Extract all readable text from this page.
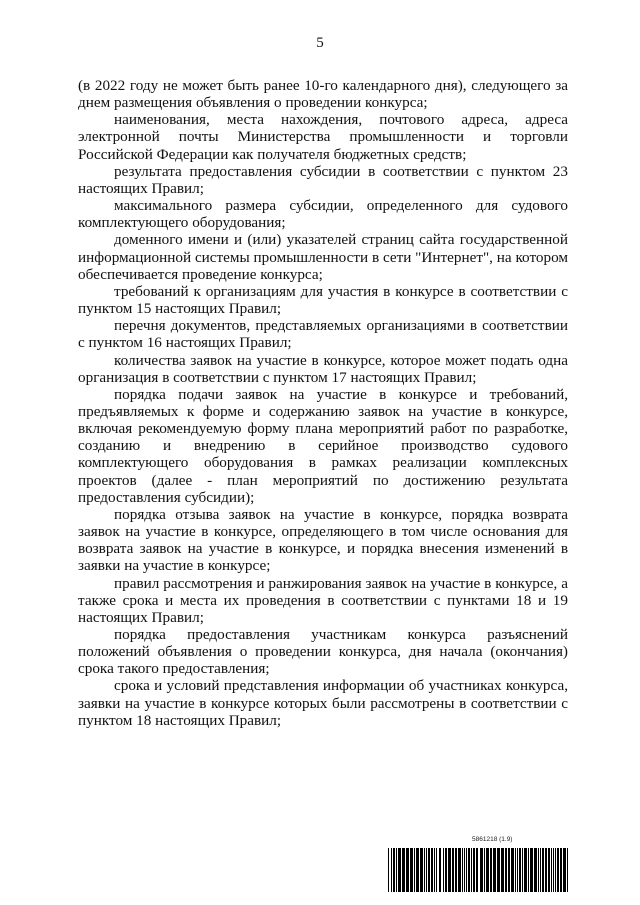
5

(в 2022 году не может быть ранее 10-го календарного дня), следующего за днем размещения объявления о проведении конкурса;

наименования, места нахождения, почтового адреса, адреса электронной почты Министерства промышленности и торговли Российской Федерации как получателя бюджетных средств;

результата предоставления субсидии в соответствии с пунктом 23 настоящих Правил;

максимального размера субсидии, определенного для судового комплектующего оборудования;

доменного имени и (или) указателей страниц сайта государственной информационной системы промышленности в сети "Интернет", на котором обеспечивается проведение конкурса;

требований к организациям для участия в конкурсе в соответствии с пунктом 15 настоящих Правил;

перечня документов, представляемых организациями в соответствии с пунктом 16 настоящих Правил;

количества заявок на участие в конкурсе, которое может подать одна организация в соответствии с пунктом 17 настоящих Правил;

порядка подачи заявок на участие в конкурсе и требований, предъявляемых к форме и содержанию заявок на участие в конкурсе, включая рекомендуемую форму плана мероприятий работ по разработке, созданию и внедрению в серийное производство судового комплектующего оборудования в рамках реализации комплексных проектов (далее - план мероприятий по достижению результата предоставления субсидии);

порядка отзыва заявок на участие в конкурсе, порядка возврата заявок на участие в конкурсе, определяющего в том числе основания для возврата заявок на участие в конкурсе, и порядка внесения изменений в заявки на участие в конкурсе;

правил рассмотрения и ранжирования заявок на участие в конкурсе, а также срока и места их проведения в соответствии с пунктами 18 и 19 настоящих Правил;

порядка предоставления участникам конкурса разъяснений положений объявления о проведении конкурса, дня начала (окончания) срока такого предоставления;

срока и условий представления информации об участниках конкурса, заявки на участие в конкурсе которых были рассмотрены в соответствии с пунктом 18 настоящих Правил;

5861218 (1.9)
